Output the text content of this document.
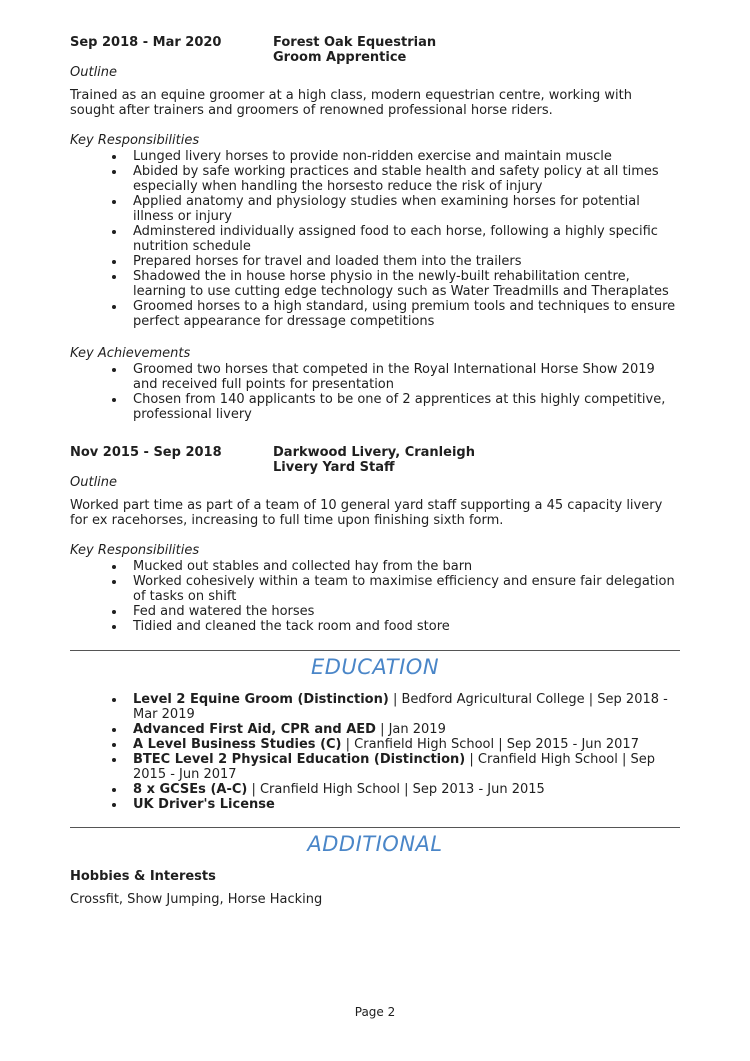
Sep 2018 - Mar 2020	Forest Oak Equestrian
Groom Apprentice
Outline
Trained as an equine groomer at a high class, modern equestrian centre, working with sought after trainers and groomers of renowned professional horse riders.
Key Responsibilities
Lunged livery horses to provide non-ridden exercise and maintain muscle
Abided by safe working practices and stable health and safety policy at all times especially when handling the horsesto reduce the risk of injury
Applied anatomy and physiology studies when examining horses for potential illness or injury
Adminstered individually assigned food to each horse, following a highly specific nutrition schedule
Prepared horses for travel and loaded them into the trailers
Shadowed the in house horse physio in the newly-built rehabilitation centre, learning to use cutting edge technology such as Water Treadmills and Theraplates
Groomed horses to a high standard, using premium tools and techniques to ensure perfect appearance for dressage competitions
Key Achievements
Groomed two horses that competed in the Royal International Horse Show 2019 and received full points for presentation
Chosen from 140 applicants to be one of 2 apprentices at this highly competitive, professional livery
Nov 2015 - Sep 2018	Darkwood Livery, Cranleigh
Livery Yard Staff
Outline
Worked part time as part of a team of 10 general yard staff supporting a 45 capacity livery for ex racehorses, increasing to full time upon finishing sixth form.
Key Responsibilities
Mucked out stables and collected hay from the barn
Worked cohesively within a team to maximise efficiency and ensure fair delegation of tasks on shift
Fed and watered the horses
Tidied and cleaned the tack room and food store
EDUCATION
Level 2 Equine Groom (Distinction) | Bedford Agricultural College | Sep 2018 - Mar 2019
Advanced First Aid, CPR and AED | Jan 2019
A Level Business Studies (C) | Cranfield High School | Sep 2015 - Jun 2017
BTEC Level 2 Physical Education (Distinction) | Cranfield High School | Sep 2015 - Jun 2017
8 x GCSEs (A-C) | Cranfield High School | Sep 2013 - Jun 2015
UK Driver's License
ADDITIONAL
Hobbies & Interests
Crossfit, Show Jumping, Horse Hacking
Page 2
